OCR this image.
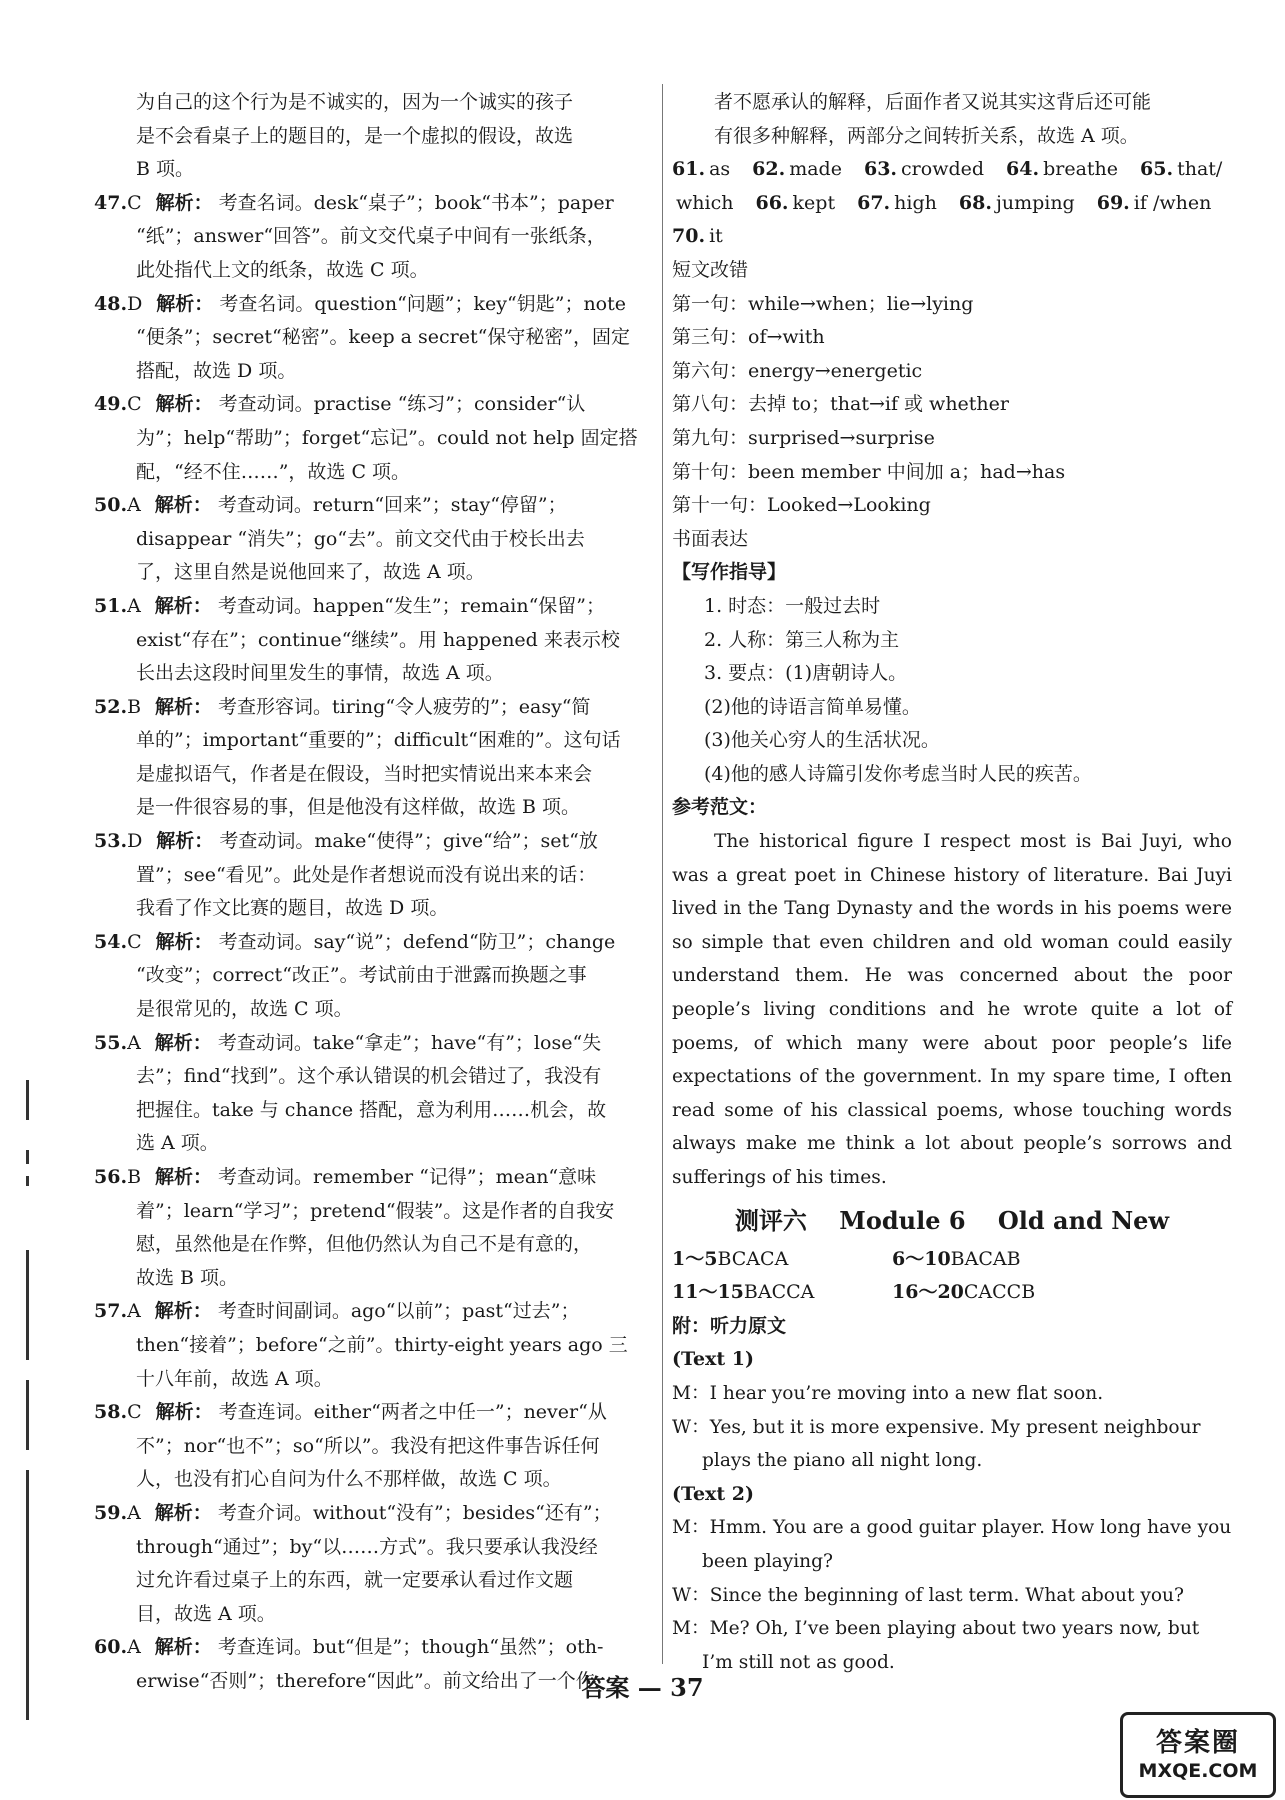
为自己的这个行为是不诚实的，因为一个诚实的孩子
是不会看桌子上的题目的，是一个虚拟的假设，故选
B 项。
47.C 解析： 考查名词。desk“桌子”；book“书本”；paper
“纸”；answer“回答”。前文交代桌子中间有一张纸条，
此处指代上文的纸条，故选 C 项。
48.D 解析： 考查名词。question“问题”；key“钥匙”；note
“便条”；secret“秘密”。keep a secret“保守秘密”，固定
搭配，故选 D 项。
49.C 解析： 考查动词。practise “练习”；consider“认
为”；help“帮助”；forget“忘记”。could not help 固定搭
配，“经不住……”，故选 C 项。
50.A 解析： 考查动词。return“回来”；stay“停留”；
disappear “消失”；go“去”。前文交代由于校长出去
了，这里自然是说他回来了，故选 A 项。
51.A 解析： 考查动词。happen“发生”；remain“保留”；
exist“存在”；continue“继续”。用 happened 来表示校
长出去这段时间里发生的事情，故选 A 项。
52.B 解析： 考查形容词。tiring“令人疲劳的”；easy“简
单的”；important“重要的”；difficult“困难的”。这句话
是虚拟语气，作者是在假设，当时把实情说出来本来会
是一件很容易的事，但是他没有这样做，故选 B 项。
53.D 解析： 考查动词。make“使得”；give“给”；set“放
置”；see“看见”。此处是作者想说而没有说出来的话：
我看了作文比赛的题目，故选 D 项。
54.C 解析： 考查动词。say“说”；defend“防卫”；change
“改变”；correct“改正”。考试前由于泄露而换题之事
是很常见的，故选 C 项。
55.A 解析： 考查动词。take“拿走”；have“有”；lose“失
去”；find“找到”。这个承认错误的机会错过了，我没有
把握住。take 与 chance 搭配，意为利用……机会，故
选 A 项。
56.B 解析： 考查动词。remember “记得”；mean“意味
着”；learn“学习”；pretend“假装”。这是作者的自我安
慰，虽然他是在作弊，但他仍然认为自己不是有意的，
故选 B 项。
57.A 解析： 考查时间副词。ago“以前”；past“过去”；
then“接着”；before“之前”。thirty-eight years ago 三
十八年前，故选 A 项。
58.C 解析： 考查连词。either“两者之中任一”；never“从
不”；nor“也不”；so“所以”。我没有把这件事告诉任何
人，也没有扪心自问为什么不那样做，故选 C 项。
59.A 解析： 考查介词。without“没有”；besides“还有”；
through“通过”；by“以……方式”。我只要承认我没经
过允许看过桌子上的东西，就一定要承认看过作文题
目，故选 A 项。
60.A 解析： 考查连词。but“但是”；though“虽然”；oth-
erwise“否则”；therefore“因此”。前文给出了一个作
者不愿承认的解释，后面作者又说其实这背后还可能
有很多种解释，两部分之间转折关系，故选 A 项。
61. as 62. made 63. crowded 64. breathe 65. that/
which 66. kept 67. high 68. jumping 69. if /when
70. it
短文改错
第一句：while→when；lie→lying
第三句：of→with
第六句：energy→energetic
第八句：去掉 to；that→if 或 whether
第九句：surprised→surprise
第十句：been member 中间加 a；had→has
第十一句：Looked→Looking
书面表达
【写作指导】
1. 时态：一般过去时
2. 人称：第三人称为主
3. 要点：(1)唐朝诗人。
(2)他的诗语言简单易懂。
(3)他关心穷人的生活状况。
(4)他的感人诗篇引发你考虑当时人民的疾苦。
参考范文：

The historical figure I respect most is Bai Juyi, who was a great poet in Chinese history of literature. Bai Juyi lived in the Tang Dynasty and the words in his poems were so simple that even children and old woman could easily understand them. He was concerned about the poor people’s living conditions and he wrote quite a lot of poems, of which many were about poor people’s life expectations of the government. In my spare time, I often read some of his classical poems, whose touching words always make me think a lot about people’s sorrows and sufferings of his times.

测评六 Module 6 Old and New
1～5BCACA	6～10BACAB
11～15BACCA	16～20CACCB
附：听力原文
(Text 1)
M：I hear you’re moving into a new flat soon.
W：Yes, but it is more expensive. My present neighbour plays the piano all night long.
(Text 2)
M：Hmm. You are a good guitar player. How long have you been playing?
W：Since the beginning of last term. What about you?
M：Me? Oh, I’ve been playing about two years now, but I’m still not as good.
答案 — 37
答案圈
MXQE.COM
